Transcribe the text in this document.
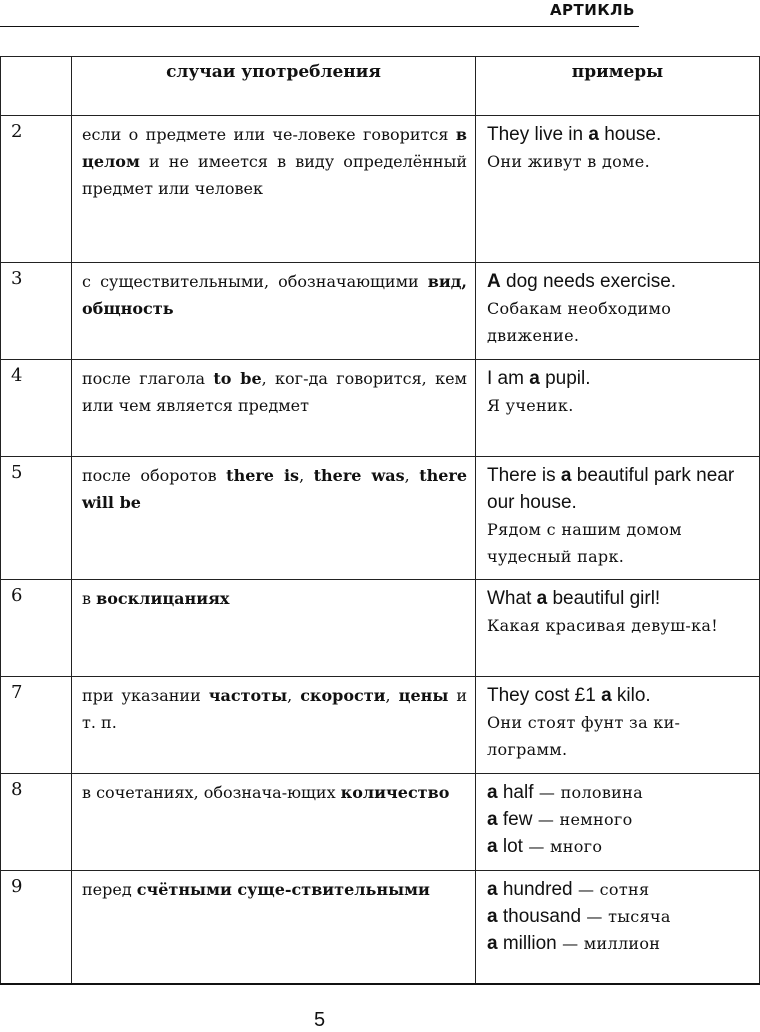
АРТИКЛЬ
	случаи употребления	примеры
2	если о предмете или че-ловеке говорится в целом и не имеется в виду определённый предмет или человек	They live in a house.
Они живут в доме.

3	с существительными, обозначающими вид, общность	A dog needs exercise.
Собакам необходимо движение.

4	после глагола to be, ког-да говорится, кем или чем является предмет	I am a pupil.
Я ученик.

5	после оборотов there is, there was, there will be	There is a beautiful park near our house.
Рядом с нашим домом чудесный парк.

6	в восклицаниях	What a beautiful girl!
Какая красивая девуш-ка!

7	при указании частоты, скорости, цены и т. п.	They cost £1 a kilo.
Они стоят фунт за ки-лограмм.

8	в сочетаниях, обознача-ющих количество	a half — половина
a few — немного
a lot — много

9	перед счётными суще-ствительными	a hundred — сотня
a thousand — тысяча
a million — миллион
5
